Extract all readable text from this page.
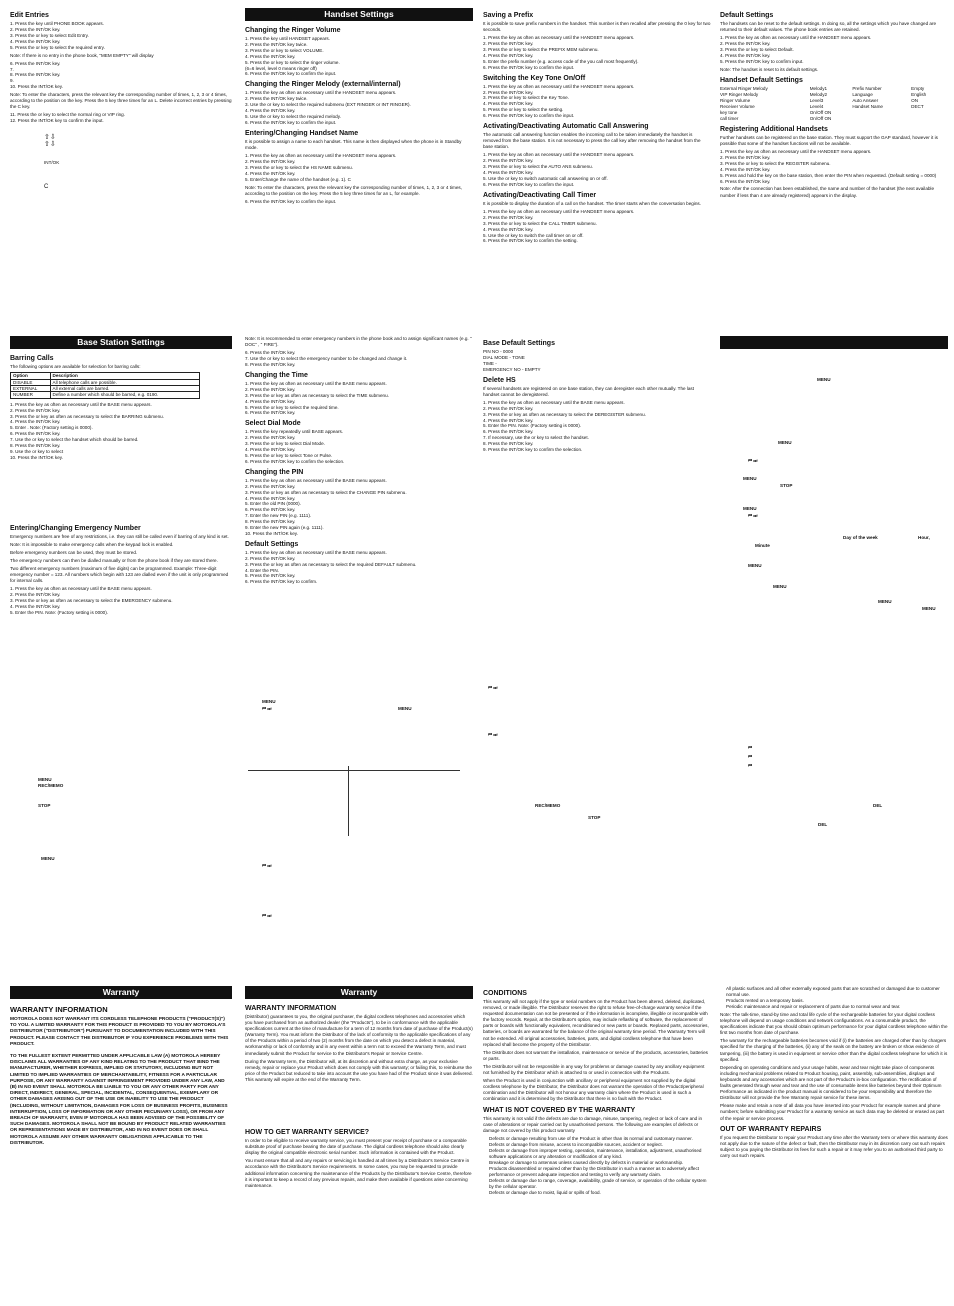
Edit Entries
1. Press the key until PHONE BOOK appears.
2. Press the INT/OK key.
3. Press the or key to select Edit Entry.
4. Press the INT/OK key.
5. Press the or key to select the required entry.

Note: If there is no entry in the phone book, "MEM EMPTY" will display

6. Press the INT/OK key.
7.
8. Press the INT/OK key.
9.
10. Press the INT/OK key.

Note: To enter the characters, press the relevant key the corresponding number of times, 1, 2, 3 or 4 times, according to the position on the key. Press the 5 key three times for an L. Delete incorrect entries by pressing the C key.

11. Press the or key to select the normal ring or VIP ring.
12. Press the INT/OK key to confirm the input.
⇧⇩
⇧⇩
INT/OK
C
Handset Settings
Changing the Ringer Volume
1. Press the key until HANDSET appears.
2. Press the INT/OK key twice.
3. Press the or key to select VOLUME.
4. Press the INT/OK key.
5. Press the or key to select the ringer volume.
(6=6 level, level 0 means ringer off)
6. Press the INT/OK key to confirm the input.
Changing the Ringer Melody (external/internal)
1. Press the key as often as necessary until the HANDSET menu appears.
2. Press the INT/OK key twice.
3. Use the or key to select the required submenu (EXT RINGER or INT RINGER).
4. Press the INT/OK key.
5. Use the or key to select the required melody.
6. Press the INT/OK key to confirm the input.
Entering/Changing Handset Name

It is possible to assign a name to each handset. This name is then displayed when the phone is in Standby mode.

1. Press the key as often as necessary until the HANDSET menu appears.
2. Press the INT/OK key.
3. Press the or key to select the HS NAME submenu.
4. Press the INT/OK key.
5. Enter/Change the name of the handset (e.g. 1). C

Note: To enter the characters, press the relevant key the corresponding number of times, 1, 2, 3 or 4 times, according to the position on the key. Press the 5 key three times for an L, for example.

6. Press the INT/OK key to confirm the input.

Saving a Prefix

It is possible to save prefix numbers in the handset. This number is then recalled after pressing the 0 key for two seconds.

1. Press the key as often as necessary until the HANDSET menu appears.
2. Press the INT/OK key.
3. Press the or key to select the PREFIX MEM submenu.
4. Press the INT/OK key.
5. Enter the prefix number (e.g. access code of the you call most frequently).
6. Press the INT/OK key to confirm the input.
Switching the Key Tone On/Off
1. Press the key as often as necessary until the HANDSET menu appears.
2. Press the INT/OK key.
3. Press the or key to select the Key Tone.
4. Press the INT/OK key.
5. Press the or key to select the setting.
6. Press the INT/OK key to confirm the input.
Activating/Deactivating Automatic Call Answering

The automatic call answering function enables the incoming call to be taken immediately the handset is removed from the base station. It is not necessary to press the call key after removing the handset from the base station.

1. Press the key as often as necessary until the HANDSET menu appears.
2. Press the INT/OK key.
3. Press the or key to select the AUTO ANS submenu.
4. Press the INT/OK key.
5. Use the or key to switch automatic call answering on or off.
6. Press the INT/OK key to confirm the input.
Activating/Deactivating Call Timer

It is possible to display the duration of a call on the handset. The timer starts when the conversation begins.

1. Press the key as often as necessary until the HANDSET menu appears.
2. Press the INT/OK key.
3. Press the or key to select the CALL TIMER submenu.
4. Press the INT/OK key.
5. Use the or key to switch the call timer on or off.
6. Press the INT/OK key to confirm the setting.
Default Settings

The handsets can be reset to the default settings. In doing so, all the settings which you have changed are returned to their default values. The phone book entries are retained.

1. Press the key as often as necessary until the HANDSET menu appears.
2. Press the INT/OK key.
3. Press the or key to select Default.
4. Press the INT/OK key.
5. Press the INT/OK key to confirm input.

Note: The handset is reset to its default settings.

Handset Default Settings
External Ringer Melody	Melody1	Prefix Number	Empty
VIP Ringer Melody	Melody2	Language	English
Ringer Volume	Level3	Auto Answer	ON
Receiver Volume	Level4	Handset Name	DECT
key tone	On/Off ON		
call timer	On/Off ON		
Registering Additional Handsets

Further handsets can be registered on the base station. They must support the GAP standard, however it is possible that some of the handset functions will not be available.

1. Press the key as often as necessary until the HANDSET menu appears.
2. Press the INT/OK key.
3. Press the or key to select the REGISTER submenu.
4. Press the INT/OK key.
5. Press and hold the key on the base station, then enter the PIN when requested. (Default setting = 0000)
6. Press the INT/OK key.

Note: After the connection has been established, the name and number of the handset (the next available number if less than 4 are already registered) appears in the display.

Base Station Settings
Barring Calls

The following options are available for selection for barring calls:

Option	Description
DISABLE	All telephone calls are possible.
EXTERNAL	All external calls are barred.
NUMBER	Define a number which should be barred, e.g. 0190.
1. Press the key as often as necessary until the BASE menu appears.
2. Press the INT/OK key.
3. Press the or key as often as necessary to select the BARRING submenu.
4. Press the INT/OK key.
5. Enter . Note: (Factory setting is 0000).
6. Press the INT/OK key.
7. Use the or key to select the handset which should be barred.
8. Press the INT/OK key.
9. Use the or key to select
10. Press the INT/OK key.
Entering/Changing Emergency Number

Emergency numbers are free of any restrictions, i.e. they can still be called even if barring of any kind is set.

Note: It is impossible to make emergency calls when the keypad lock is enabled.

Before emergency numbers can be used, they must be stored.

The emergency numbers can then be dialled manually or from the phone book if they are stored there.

Two different emergency numbers (maximum of five digits) can be programmed. Example: Three-digit emergency number = 123. All numbers which begin with 123 are dialled even if the unit is only programmed for internal calls.

1. Press the key as often as necessary until the BASE menu appears.
2. Press the INT/OK key.
3. Press the or key as often as necessary to select the EMERGENCY submenu.
4. Press the INT/OK key.
5. Enter the PIN. Note: (Factory setting is 0000).

Note: It is recommended to enter emergency numbers in the phone book and to assign significant names (e.g. " DOC" , " FIRE").

6. Press the INT/OK key.
7. Use the or key to select the emergency number to be changed and change it.
8. Press the INT/OK key.
Changing the Time
1. Press the key as often as necessary until the BASE menu appears.
2. Press the INT/OK key.
3. Press the or key as often as necessary to select the TIME submenu.
4. Press the INT/OK key.
5. Press the or key to select the required time.
6. Press the INT/OK key.
Select Dial Mode
1. Press the key repeatedly until BASE appears.
2. Press the INT/OK key.
3. Press the or key to select Dial Mode.
4. Press the INT/OK key.
5. Press the or key to select Tone or Pulse.
6. Press the INT/OK key to confirm the selection.
Changing the PIN
1. Press the key as often as necessary until the BASE menu appears.
2. Press the INT/OK key.
3. Press the or key as often as necessary to select the CHANGE PIN submenu.
4. Press the INT/OK key.
5. Enter the old PIN (0000).
6. Press the INT/OK key.
7. Enter the new PIN (e.g. 1111).
8. Press the INT/OK key.
9. Enter the new PIN again (e.g. 1111).
10. Press the INT/OK key.
Default Settings
1. Press the key as often as necessary until the BASE menu appears.
2. Press the INT/OK key.
3. Press the or key as often as necessary to select the required DEFAULT submenu.
4. Enter the PIN.
5. Press the INT/OK key.
6. Press the INT/OK key to confirm.
Base Default Settings
PIN NO - 0000
DIAL MODE - TONE
TIME -
EMERGENCY NO - EMPTY
Delete HS

If several handsets are registered on one base station, they can deregister each other mutually. The last handset cannot be deregistered.

1. Press the key as often as necessary until the BASE menu appears.
2. Press the INT/OK key.
3. Press the or key as often as necessary to select the DEREGISTER submenu.
4. Press the INT/OK key.
5. Enter the PIN. Note: (Factory setting is 0000).
6. Press the INT/OK key.
7. If necessary, use the or key to select the handset.
8. Press the INT/OK key.
9. Press the INT/OK key to confirm the selection.

MENU
MENU
⏮ ⏭
MENU
STOP
MENU
⏮ ⏭
Day of the week	Hour,
Minute
MENU
MENU
MENU
MENU
MENU
⏮ ⏭	MENU
MENU
REC/MEMO
STOP
MENU
⏮ ⏭
⏮ ⏭
⏮ ⏭
⏮ ⏭
REC/MEMO
STOP
⏮
⏮
⏮
DEL
DEL
Warranty
WARRANTY INFORMATION

MOTOROLA DOES NOT WARRANT ITS CORDLESS TELEPHONE PRODUCTS ("PRODUCT(S)") TO YOU. A LIMITED WARRANTY FOR THIS PRODUCT IS PROVIDED TO YOU BY MOTOROLA'S DISTRIBUTOR ("DISTRIBUTOR") PURSUANT TO DOCUMENTATION INCLUDED WITH THIS PRODUCT. PLEASE CONTACT THE DISTRIBUTOR IF YOU EXPERIENCE PROBLEMS WITH THIS PRODUCT.

TO THE FULLEST EXTENT PERMITTED UNDER APPLICABLE LAW (A) MOTOROLA HEREBY DISCLAIMS ALL WARRANTIES OF ANY KIND RELATING TO THE PRODUCT THAT BIND THE MANUFACTURER, WHETHER EXPRESS, IMPLIED OR STATUTORY, INCLUDING BUT NOT LIMITED TO IMPLIED WARRANTIES OF MERCHANTABILITY, FITNESS FOR A PARTICULAR PURPOSE, OR ANY WARRANTY AGAINST INFRINGEMENT PROVIDED UNDER ANY LAW, AND (B) IN NO EVENT SHALL MOTOROLA BE LIABLE TO YOU OR ANY OTHER PARTY FOR ANY DIRECT, INDIRECT, GENERAL, SPECIAL, INCIDENTAL, CONSEQUENTIAL, EXEMPLARY OR OTHER DAMAGES ARISING OUT OF THE USE OR INABILITY TO USE THE PRODUCT (INCLUDING, WITHOUT LIMITATION, DAMAGES FOR LOSS OF BUSINESS PROFITS, BUSINESS INTERRUPTION, LOSS OF INFORMATION OR ANY OTHER PECUNIARY LOSS), OR FROM ANY BREACH OF WARRANTY, EVEN IF MOTOROLA HAS BEEN ADVISED OF THE POSSIBILITY OF SUCH DAMAGES. MOTOROLA SHALL NOT BE BOUND BY PRODUCT RELATED WARRANTIES OR REPRESENTATIONS MADE BY DISTRIBUTOR, AND IN NO EVENT DOES OR SHALL MOTOROLA ASSUME ANY OTHER WARRANTY OBLIGATIONS APPLICABLE TO THE DISTRIBUTOR.

Warranty
WARRANTY INFORMATION

(Distributor) guarantees to you, the original purchaser, the digital cordless telephones and accessories which you have purchased from an authorized dealer (the "Products"), to be in conformance with the applicable specifications current at the time of manufacture for a term of 12 months from date of purchase of the Product(s) (Warranty Term). You must inform the Distributor of the lack of conformity to the applicable specifications of any of the Products within a period of two (2) months from the date on which you detect a defect in material, workmanship or lack of conformity and in any event within a term not to exceed the Warranty Term, and must immediately submit the Product for service to the Distributor's Repair or Service Centre.

During the Warranty term, the Distributor will, at its discretion and without extra charge, as your exclusive remedy, repair or replace your Product which does not comply with this warranty; or failing this, to reimburse the price of the Product but reduced to take into account the use you have had of the Product since it was delivered. This warranty will expire at the end of the Warranty Term.

HOW TO GET WARRANTY SERVICE?

In order to be eligible to receive warranty service, you must present your receipt of purchase or a comparable substitute proof of purchase bearing the date of purchase. The digital cordless telephone should also clearly display the original compatible electronic serial number. Such information is contained with the Product.

You must ensure that all and any repairs or servicing is handled at all times by a Distributor's Service Centre in accordance with the Distributor's Service requirements. In some cases, you may be requested to provide additional information concerning the maintenance of the Products by the Distributor's Service Centre, therefore it is important to keep a record of any previous repairs, and make them available if questions arise concerning maintenance.

CONDITIONS

This warranty will not apply if the type or serial numbers on the Product has been altered, deleted, duplicated, removed, or made illegible. The Distributor reserves the right to refuse free-of-charge warranty service if the requested documentation can not be presented or if the information is incomplete, illegible or incompatible with the factory records. Repair, at the Distributor's option, may include reflashing of software, the replacement of parts or boards with functionally equivalent, reconditioned or new parts or boards. Replaced parts, accessories, batteries, or boards are warranted for the balance of the original warranty time period. The Warranty Term will not be extended. All original accessories, batteries, parts, and digital cordless telephone that have been replaced shall become the property of the Distributor.

The Distributor does not warrant the installation, maintenance or service of the products, accessories, batteries or parts.

The Distributor will not be responsible in any way for problems or damage caused by any ancillary equipment not furnished by the Distributor which is attached to or used in connection with the Products.

When the Product is used in conjunction with ancillary or peripheral equipment not supplied by the digital cordless telephone by the Distributor, the Distributor does not warrant the operation of the Product/peripheral combination and the Distributor will not honour any warranty claim where the Product is used in such a combination and it is determined by the Distributor that there is no fault with the Product.

WHAT IS NOT COVERED BY THE WARRANTY

This warranty is not valid if the defects are due to damage, misuse, tampering, neglect or lack of care and in case of alterations or repair carried out by unauthorised persons. The following are examples of defects or damage not covered by this product warranty

• Defects or damage resulting from use of the Product in other than its normal and customary manner.
• Defects or damage from misuse, access to incompatible sources, accident or neglect.
• Defects or damage from improper testing, operation, maintenance, installation, adjustment, unauthorised software applications or any alteration or modification of any kind.
• Breakage or damage to antennas unless caused directly by defects in material or workmanship.
• Products disassembled or repaired other than by the Distributor in such a manner as to adversely affect performance or prevent adequate inspection and testing to verify any warranty claim.
• Defects or damage due to range, coverage, availability, grade of service, or operation of the cellular system by the cellular operator.
• Defects or damage due to moist, liquid or spills of food.
• All plastic surfaces and all other externally exposed parts that are scratched or damaged due to customer normal use.
• Products rented on a temporary basis.
• Periodic maintenance and repair or replacement of parts due to normal wear and tear.

Note: The talk-time, stand-by time and total life cycle of the rechargeable batteries for your digital cordless telephone will depend on usage conditions and network configurations. As a consumable product, the specifications indicate that you should obtain optimum performance for your digital cordless telephone within the first two months from date of purchase.

The warranty for the rechargeable batteries becomes void if (i) the batteries are charged other than by chargers specified for the charging of the batteries, (ii) any of the seals on the battery are broken or show evidence of tampering, (iii) the battery is used in equipment or service other than the digital cordless telephone for which it is specified.

Depending on operating conditions and your usage habits, wear and tear might take place of components including mechanical problems related to Product housing, paint, assembly, sub-assemblies, displays and keyboards and any accessories which are not part of the Product's in-box configuration. The rectification of faults generated through wear and tear and the use of consumable items like batteries beyond their Optimum Performance as indicated in the product manual is considered to be your responsibility and therefore the Distributor will not provide the free Warranty repair service for these items.

Please make and retain a note of all data you have inserted into your Product for example names and phone numbers; before submitting your Product for a warranty service as such data may be deleted or erased as part of the repair or service process.

OUT OF WARRANTY REPAIRS

If you request the Distributor to repair your Product any time after the Warranty term or where this warranty does not apply due to the nature of the defect or fault, then the Distributor may in its discretion carry out such repairs subject to you paying the Distributor its fees for such a repair or it may refer you to an authorised third party to carry out such repairs.
